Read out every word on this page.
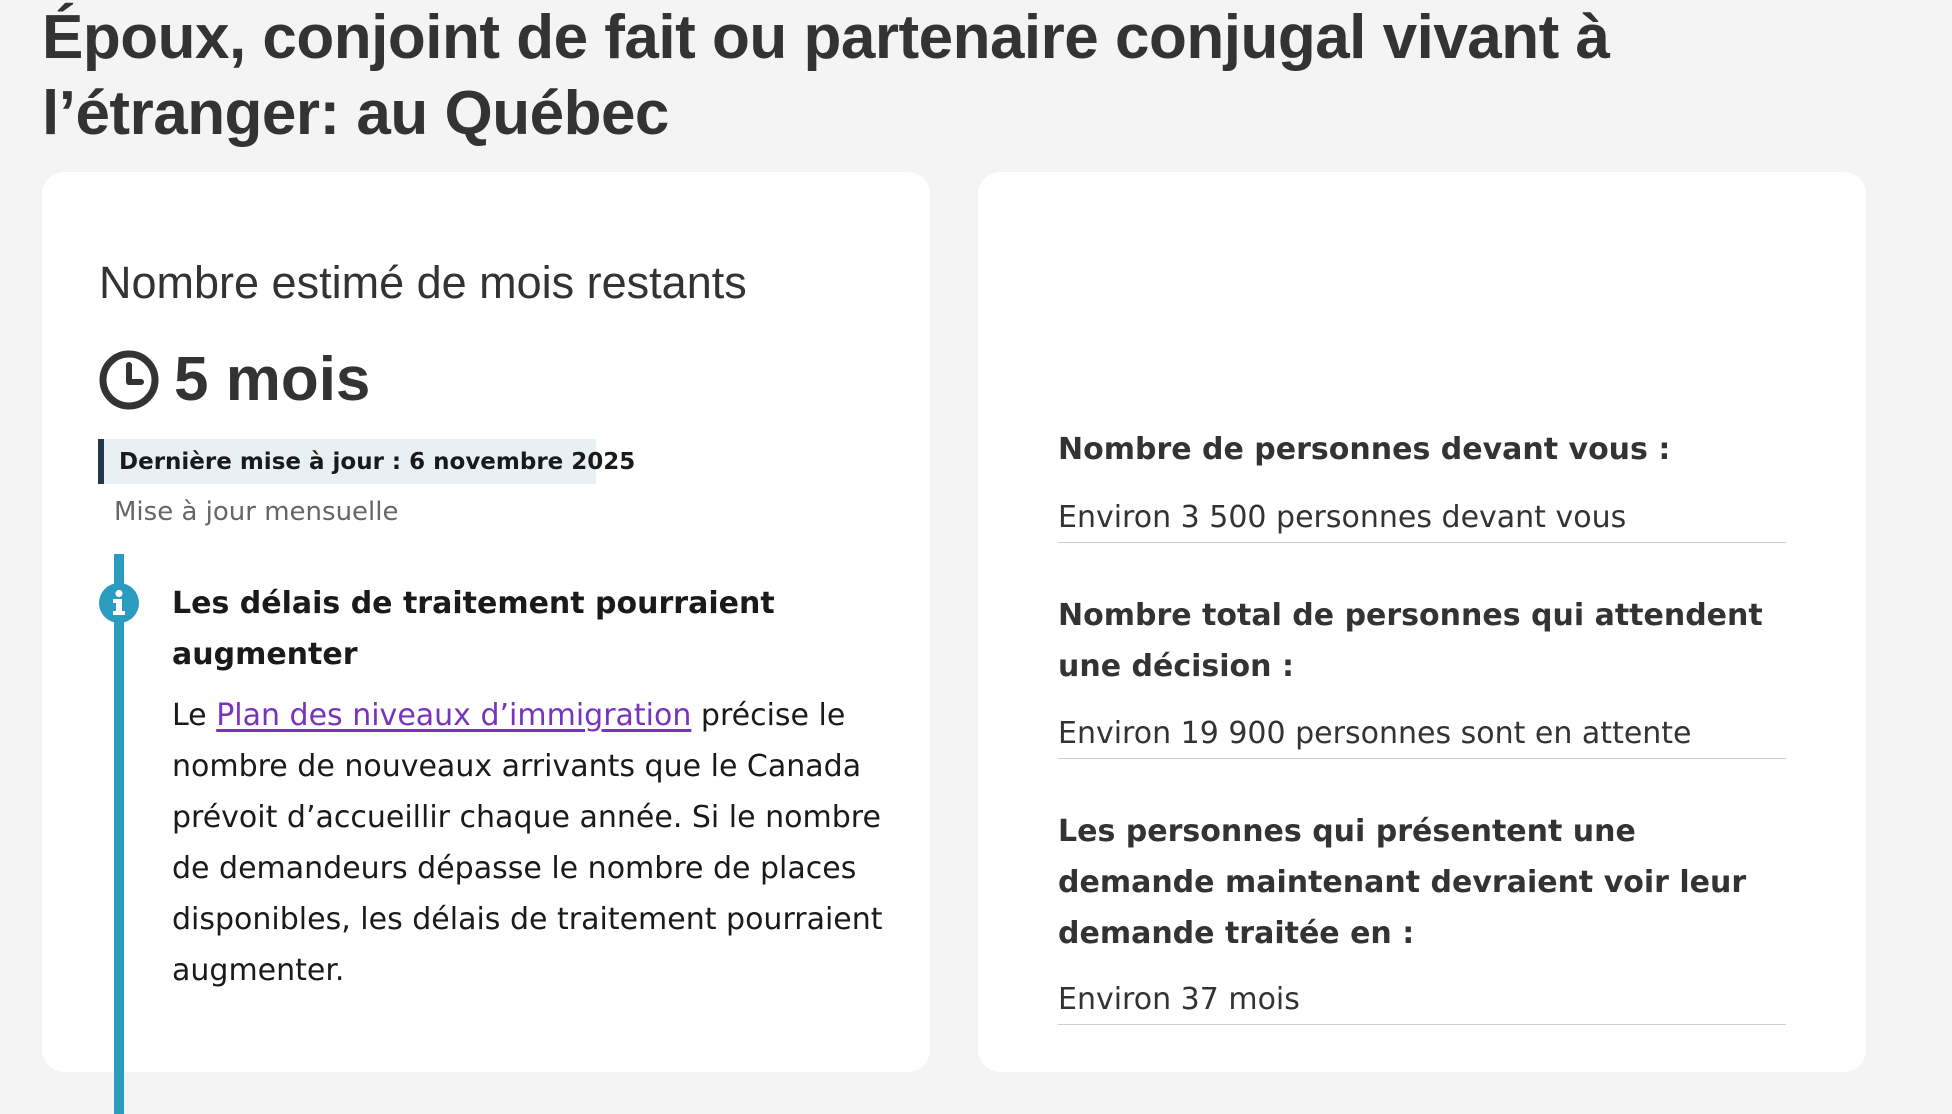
Époux, conjoint de fait ou partenaire conjugal vivant à l’étranger: au Québec
Nombre estimé de mois restants
5 mois
Dernière mise à jour : 6 novembre 2025
Mise à jour mensuelle
Les délais de traitement pourraient augmenter

Le Plan des niveaux d’immigration précise le nombre de nouveaux arrivants que le Canada prévoit d’accueillir chaque année. Si le nombre de demandeurs dépasse le nombre de places disponibles, les délais de traitement pourraient augmenter.

Nombre de personnes devant vous :
Environ 3 500 personnes devant vous
Nombre total de personnes qui attendent une décision :
Environ 19 900 personnes sont en attente
Les personnes qui présentent une demande maintenant devraient voir leur demande traitée en :
Environ 37 mois
